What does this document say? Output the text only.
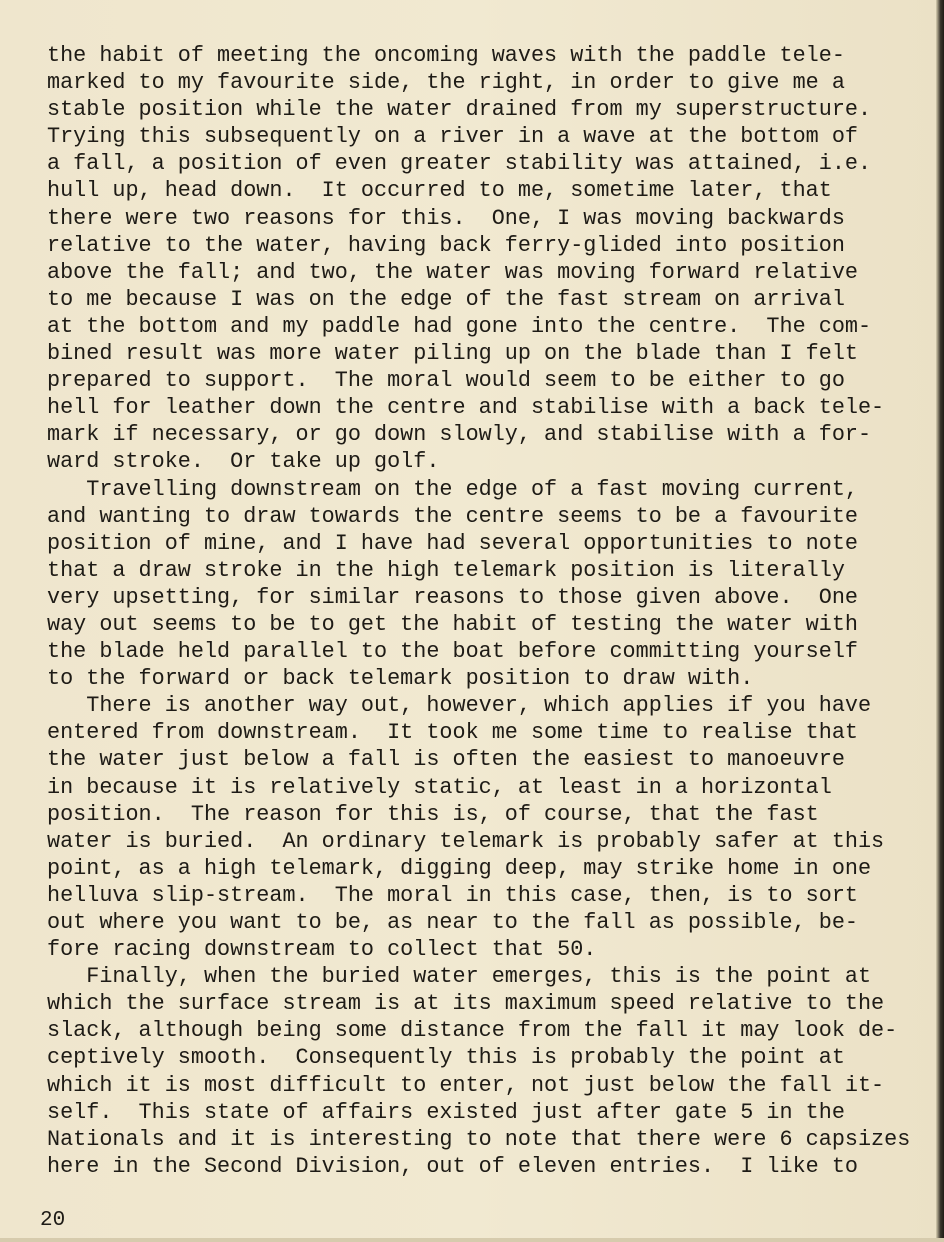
the habit of meeting the oncoming waves with the paddle tele-
marked to my favourite side, the right, in order to give me a
stable position while the water drained from my superstructure.
Trying this subsequently on a river in a wave at the bottom of
a fall, a position of even greater stability was attained, i.e.
hull up, head down.  It occurred to me, sometime later, that
there were two reasons for this.  One, I was moving backwards
relative to the water, having back ferry-glided into position
above the fall; and two, the water was moving forward relative
to me because I was on the edge of the fast stream on arrival
at the bottom and my paddle had gone into the centre.  The com-
bined result was more water piling up on the blade than I felt
prepared to support.  The moral would seem to be either to go
hell for leather down the centre and stabilise with a back tele-
mark if necessary, or go down slowly, and stabilise with a for-
ward stroke.  Or take up golf.
Travelling downstream on the edge of a fast moving current,
and wanting to draw towards the centre seems to be a favourite
position of mine, and I have had several opportunities to note
that a draw stroke in the high telemark position is literally
very upsetting, for similar reasons to those given above.  One
way out seems to be to get the habit of testing the water with
the blade held parallel to the boat before committing yourself
to the forward or back telemark position to draw with.
There is another way out, however, which applies if you have
entered from downstream.  It took me some time to realise that
the water just below a fall is often the easiest to manoeuvre
in because it is relatively static, at least in a horizontal
position.  The reason for this is, of course, that the fast
water is buried.  An ordinary telemark is probably safer at this
point, as a high telemark, digging deep, may strike home in one
helluva slip-stream.  The moral in this case, then, is to sort
out where you want to be, as near to the fall as possible, be-
fore racing downstream to collect that 50.
Finally, when the buried water emerges, this is the point at
which the surface stream is at its maximum speed relative to the
slack, although being some distance from the fall it may look de-
ceptively smooth.  Consequently this is probably the point at
which it is most difficult to enter, not just below the fall it-
self.  This state of affairs existed just after gate 5 in the
Nationals and it is interesting to note that there were 6 capsizes
here in the Second Division, out of eleven entries.  I like to
20
